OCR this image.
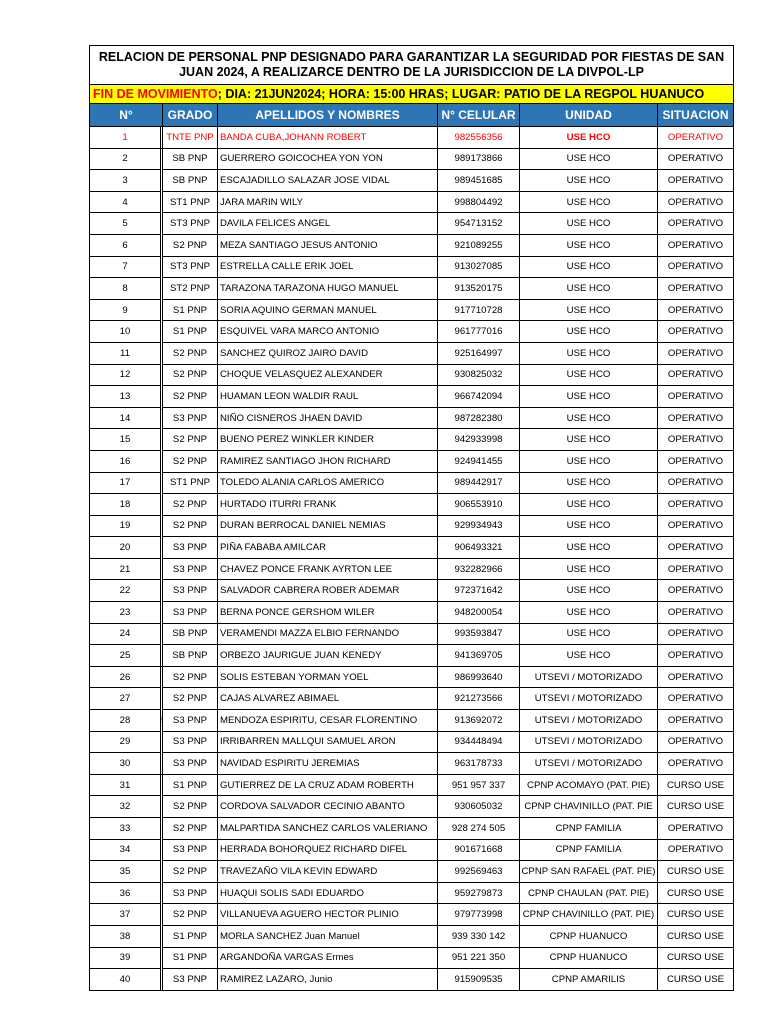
RELACION DE PERSONAL PNP DESIGNADO PARA GARANTIZAR LA SEGURIDAD POR FIESTAS DE SAN JUAN 2024, A REALIZARCE DENTRO DE LA JURISDICCION DE LA DIVPOL-LP						
FIN DE MOVIMIENTO; DIA: 21JUN2024; HORA: 15:00 HRAS; LUGAR: PATIO DE LA REGPOL HUANUCO						
N°		GRADO	APELLIDOS Y NOMBRES	N° CELULAR	UNIDAD	SITUACION
1		TNTE PNP	BANDA CUBA,JOHANN ROBERT	982556356	USE HCO	OPERATIVO
2		SB PNP	GUERRERO GOICOCHEA YON YON	989173866	USE HCO	OPERATIVO
3		SB PNP	ESCAJADILLO SALAZAR JOSE VIDAL	989451685	USE HCO	OPERATIVO
4		ST1 PNP	JARA MARIN WILY	998804492	USE HCO	OPERATIVO
5		ST3 PNP	DAVILA FELICES ANGEL	954713152	USE HCO	OPERATIVO
6		S2 PNP	MEZA SANTIAGO JESUS ANTONIO	921089255	USE HCO	OPERATIVO
7		ST3 PNP	ESTRELLA CALLE ERIK JOEL	913027085	USE HCO	OPERATIVO
8		ST2 PNP	TARAZONA TARAZONA HUGO MANUEL	913520175	USE HCO	OPERATIVO
9		S1 PNP	SORIA AQUINO GERMAN MANUEL	917710728	USE HCO	OPERATIVO
10		S1 PNP	ESQUIVEL VARA MARCO ANTONIO	961777016	USE HCO	OPERATIVO
11		S2 PNP	SANCHEZ QUIROZ JAIRO DAVID	925164997	USE HCO	OPERATIVO
12		S2 PNP	CHOQUE VELASQUEZ ALEXANDER	930825032	USE HCO	OPERATIVO
13		S2 PNP	HUAMAN LEON WALDIR RAUL	966742094	USE HCO	OPERATIVO
14		S3 PNP	NIÑO CISNEROS JHAEN DAVID	987282380	USE HCO	OPERATIVO
15		S2 PNP	BUENO PEREZ WINKLER KINDER	942933998	USE HCO	OPERATIVO
16		S2 PNP	RAMIREZ SANTIAGO JHON RICHARD	924941455	USE HCO	OPERATIVO
17		ST1 PNP	TOLEDO ALANIA CARLOS AMERICO	989442917	USE HCO	OPERATIVO
18		S2 PNP	HURTADO ITURRI FRANK	906553910	USE HCO	OPERATIVO
19		S2 PNP	DURAN BERROCAL DANIEL NEMIAS	929934943	USE HCO	OPERATIVO
20		S3 PNP	PIÑA FABABA AMILCAR	906493321	USE HCO	OPERATIVO
21		S3 PNP	CHAVEZ PONCE FRANK AYRTON LEE	932282966	USE HCO	OPERATIVO
22		S3 PNP	SALVADOR CABRERA ROBER ADEMAR	972371642	USE HCO	OPERATIVO
23		S3 PNP	BERNA PONCE GERSHOM WILER	948200054	USE HCO	OPERATIVO
24		SB PNP	VERAMENDI MAZZA ELBIO FERNANDO	993593847	USE HCO	OPERATIVO
25		SB PNP	ORBEZO JAURIGUE JUAN KENEDY	941369705	USE HCO	OPERATIVO
26		S2 PNP	SOLIS ESTEBAN YORMAN YOEL	986993640	UTSEVI / MOTORIZADO	OPERATIVO
27		S2 PNP	CAJAS ALVAREZ ABIMAEL	921273566	UTSEVI / MOTORIZADO	OPERATIVO
28		S3 PNP	MENDOZA ESPIRITU, CESAR FLORENTINO	913692072	UTSEVI / MOTORIZADO	OPERATIVO
29		S3 PNP	IRRIBARREN MALLQUI SAMUEL ARON	934448494	UTSEVI / MOTORIZADO	OPERATIVO
30		S3 PNP	NAVIDAD ESPIRITU JEREMIAS	963178733	UTSEVI / MOTORIZADO	OPERATIVO
31		S1 PNP	GUTIERREZ DE LA CRUZ ADAM ROBERTH	951 957 337	CPNP ACOMAYO (PAT. PIE)	CURSO USE
32		S2 PNP	CORDOVA SALVADOR CECINIO ABANTO	930605032	CPNP CHAVINILLO (PAT. PIE	CURSO USE
33		S2 PNP	MALPARTIDA SANCHEZ CARLOS VALERIANO	928 274 505	CPNP FAMILIA	OPERATIVO
34		S3 PNP	HERRADA BOHORQUEZ RICHARD DIFEL	901671668	CPNP FAMILIA	OPERATIVO
35		S2 PNP	TRAVEZAÑO VILA KEVIN EDWARD	992569463	CPNP SAN RAFAEL (PAT. PIE)	CURSO USE
36		S3 PNP	HUAQUI SOLIS SADI EDUARDO	959279873	CPNP CHAULAN (PAT. PIE)	CURSO USE
37		S2 PNP	VILLANUEVA AGUERO HECTOR PLINIO	979773998	CPNP CHAVINILLO (PAT. PIE)	CURSO USE
38		S1 PNP	MORLA SANCHEZ Juan Manuel	939 330 142	CPNP HUANUCO	CURSO USE
39		S1 PNP	ARGANDOÑA VARGAS Ermes	951 221 350	CPNP HUANUCO	CURSO USE
40		S3 PNP	RAMIREZ LAZARO, Junio	915909535	CPNP AMARILIS	CURSO USE
